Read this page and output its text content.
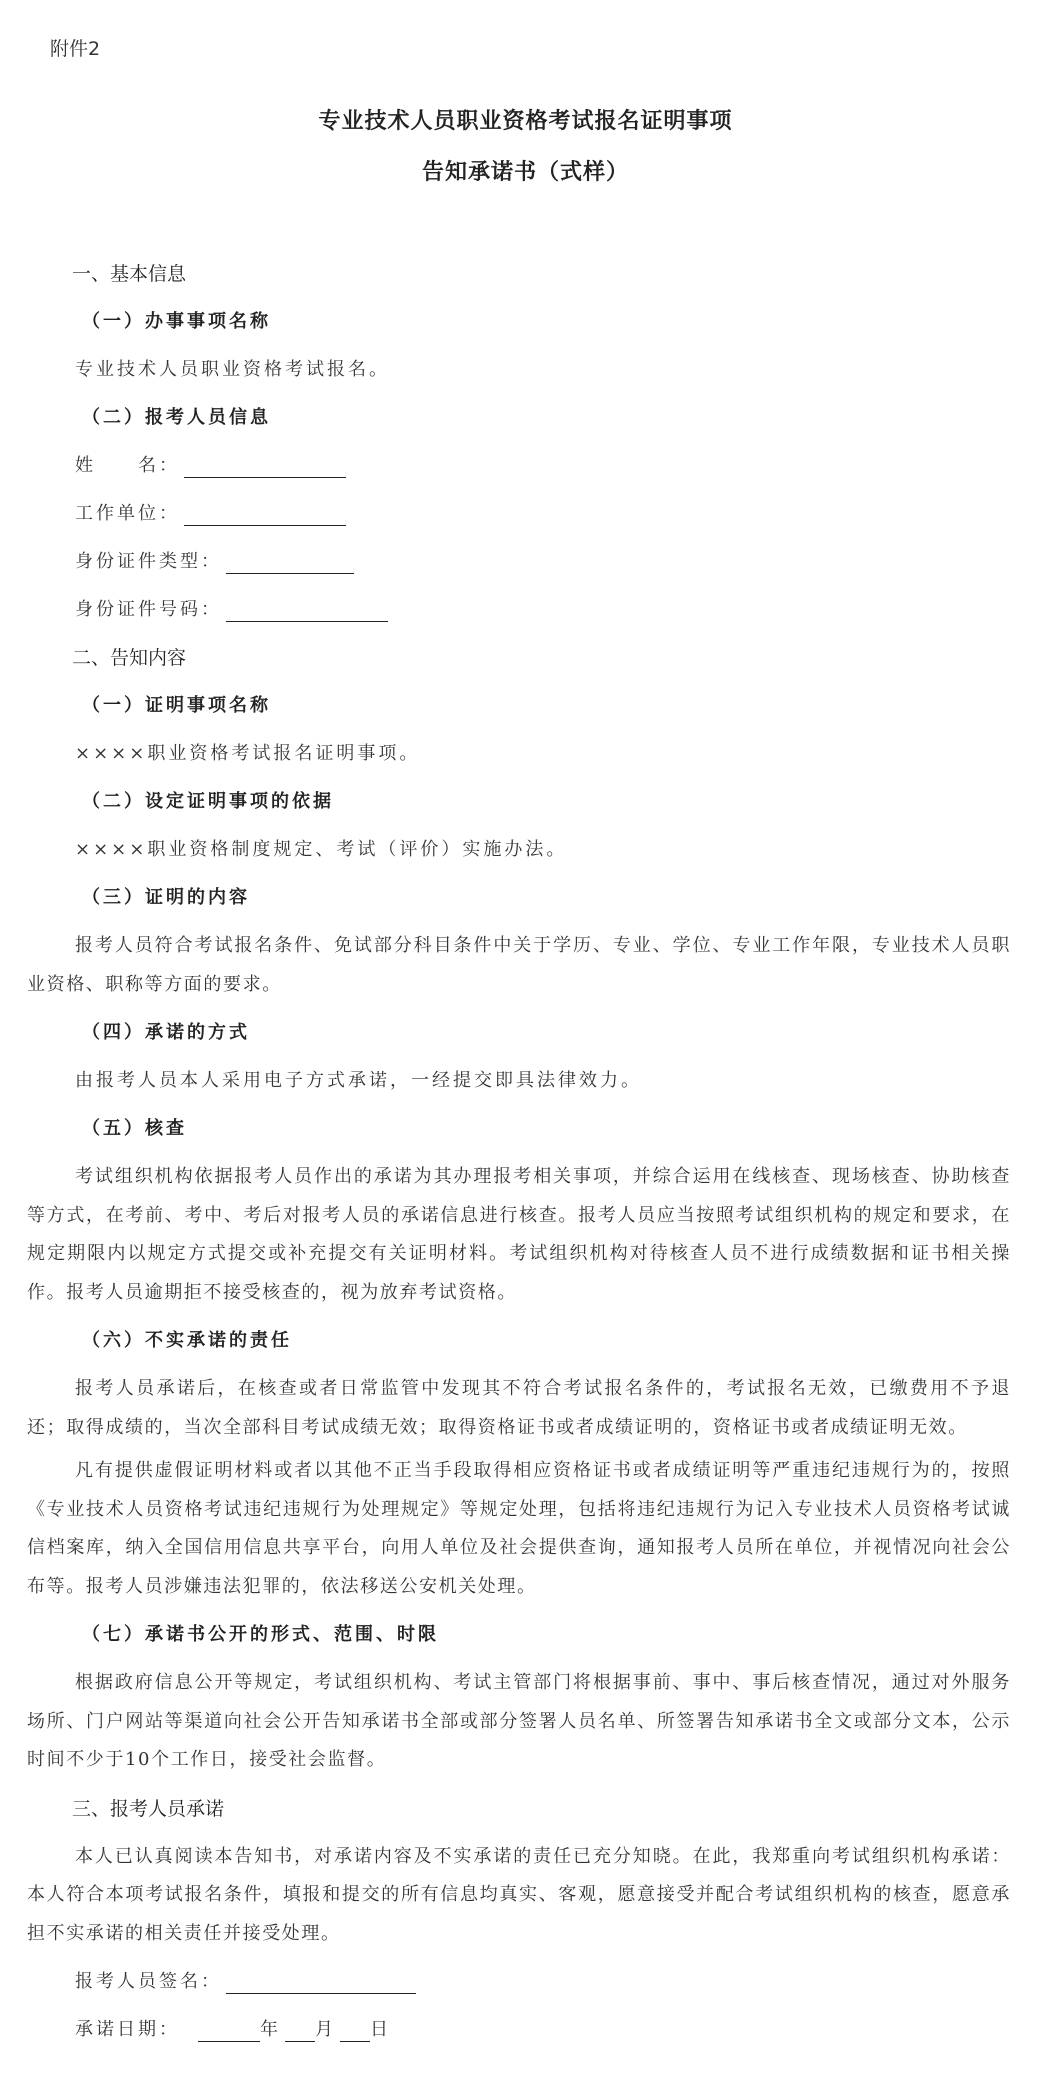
附件2
专业技术人员职业资格考试报名证明事项
告知承诺书（式样）
一、基本信息
（一）办事事项名称
专业技术人员职业资格考试报名。
（二）报考人员信息
姓　　名：
工作单位：
身份证件类型：
身份证件号码：
二、告知内容
（一）证明事项名称
××××职业资格考试报名证明事项。
（二）设定证明事项的依据
××××职业资格制度规定、考试（评价）实施办法。
（三）证明的内容
报考人员符合考试报名条件、免试部分科目条件中关于学历、专业、学位、专业工作年限，专业技术人员职业资格、职称等方面的要求。
（四）承诺的方式
由报考人员本人采用电子方式承诺，一经提交即具法律效力。
（五）核查
考试组织机构依据报考人员作出的承诺为其办理报考相关事项，并综合运用在线核查、现场核查、协助核查等方式，在考前、考中、考后对报考人员的承诺信息进行核查。报考人员应当按照考试组织机构的规定和要求，在规定期限内以规定方式提交或补充提交有关证明材料。考试组织机构对待核查人员不进行成绩数据和证书相关操作。报考人员逾期拒不接受核查的，视为放弃考试资格。
（六）不实承诺的责任
报考人员承诺后，在核查或者日常监管中发现其不符合考试报名条件的，考试报名无效，已缴费用不予退还；取得成绩的，当次全部科目考试成绩无效；取得资格证书或者成绩证明的，资格证书或者成绩证明无效。
凡有提供虚假证明材料或者以其他不正当手段取得相应资格证书或者成绩证明等严重违纪违规行为的，按照《专业技术人员资格考试违纪违规行为处理规定》等规定处理，包括将违纪违规行为记入专业技术人员资格考试诚信档案库，纳入全国信用信息共享平台，向用人单位及社会提供查询，通知报考人员所在单位，并视情况向社会公布等。报考人员涉嫌违法犯罪的，依法移送公安机关处理。
（七）承诺书公开的形式、范围、时限
根据政府信息公开等规定，考试组织机构、考试主管部门将根据事前、事中、事后核查情况，通过对外服务场所、门户网站等渠道向社会公开告知承诺书全部或部分签署人员名单、所签署告知承诺书全文或部分文本，公示时间不少于10个工作日，接受社会监督。
三、报考人员承诺
本人已认真阅读本告知书，对承诺内容及不实承诺的责任已充分知晓。在此，我郑重向考试组织机构承诺：本人符合本项考试报名条件，填报和提交的所有信息均真实、客观，愿意接受并配合考试组织机构的核查，愿意承担不实承诺的相关责任并接受处理。
报考人员签名：
承诺日期：	年 月 日
